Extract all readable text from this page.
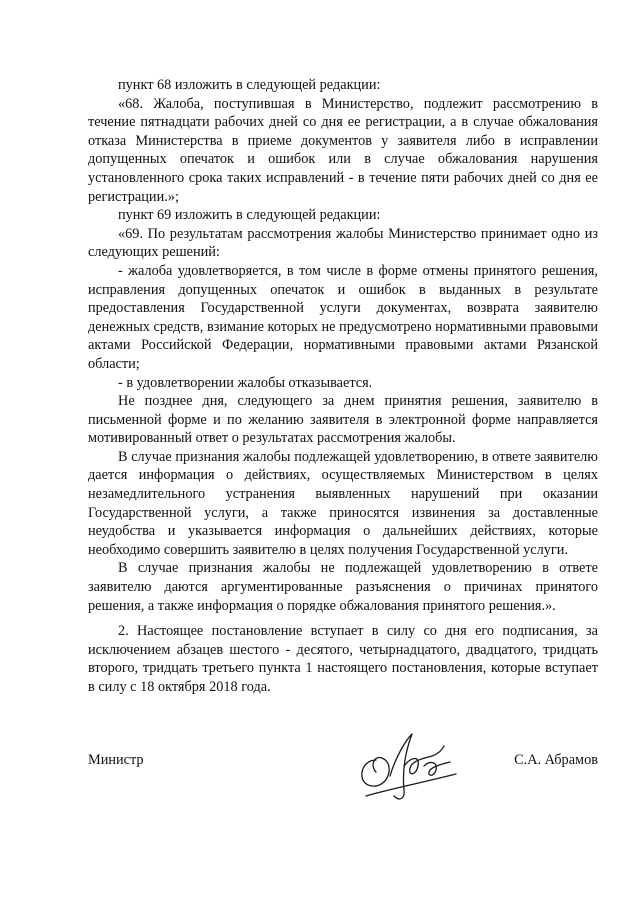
пункт 68 изложить в следующей редакции:

«68. Жалоба, поступившая в Министерство, подлежит рассмотрению в течение пятнадцати рабочих дней со дня ее регистрации, а в случае обжалования отказа Министерства в приеме документов у заявителя либо в исправлении допущенных опечаток и ошибок или в случае обжалования нарушения установленного срока таких исправлений - в течение пяти рабочих дней со дня ее регистрации.»;

пункт 69 изложить в следующей редакции:

«69. По результатам рассмотрения жалобы Министерство принимает одно из следующих решений:

- жалоба удовлетворяется, в том числе в форме отмены принятого решения, исправления допущенных опечаток и ошибок в выданных в результате предоставления Государственной услуги документах, возврата заявителю денежных средств, взимание которых не предусмотрено нормативными правовыми актами Российской Федерации, нормативными правовыми актами Рязанской области;

- в удовлетворении жалобы отказывается.

Не позднее дня, следующего за днем принятия решения, заявителю в письменной форме и по желанию заявителя в электронной форме направляется мотивированный ответ о результатах рассмотрения жалобы.

В случае признания жалобы подлежащей удовлетворению, в ответе заявителю дается информация о действиях, осуществляемых Министерством в целях незамедлительного устранения выявленных нарушений при оказании Государственной услуги, а также приносятся извинения за доставленные неудобства и указывается информация о дальнейших действиях, которые необходимо совершить заявителю в целях получения Государственной услуги.

В случае признания жалобы не подлежащей удовлетворению в ответе заявителю даются аргументированные разъяснения о причинах принятого решения, а также информация о порядке обжалования принятого решения.».

2. Настоящее постановление вступает в силу со дня его подписания, за исключением абзацев шестого - десятого, четырнадцатого, двадцатого, тридцать второго, тридцать третьего пункта 1 настоящего постановления, которые вступает в силу с 18 октября 2018 года.

Министр	С.А. Абрамов
